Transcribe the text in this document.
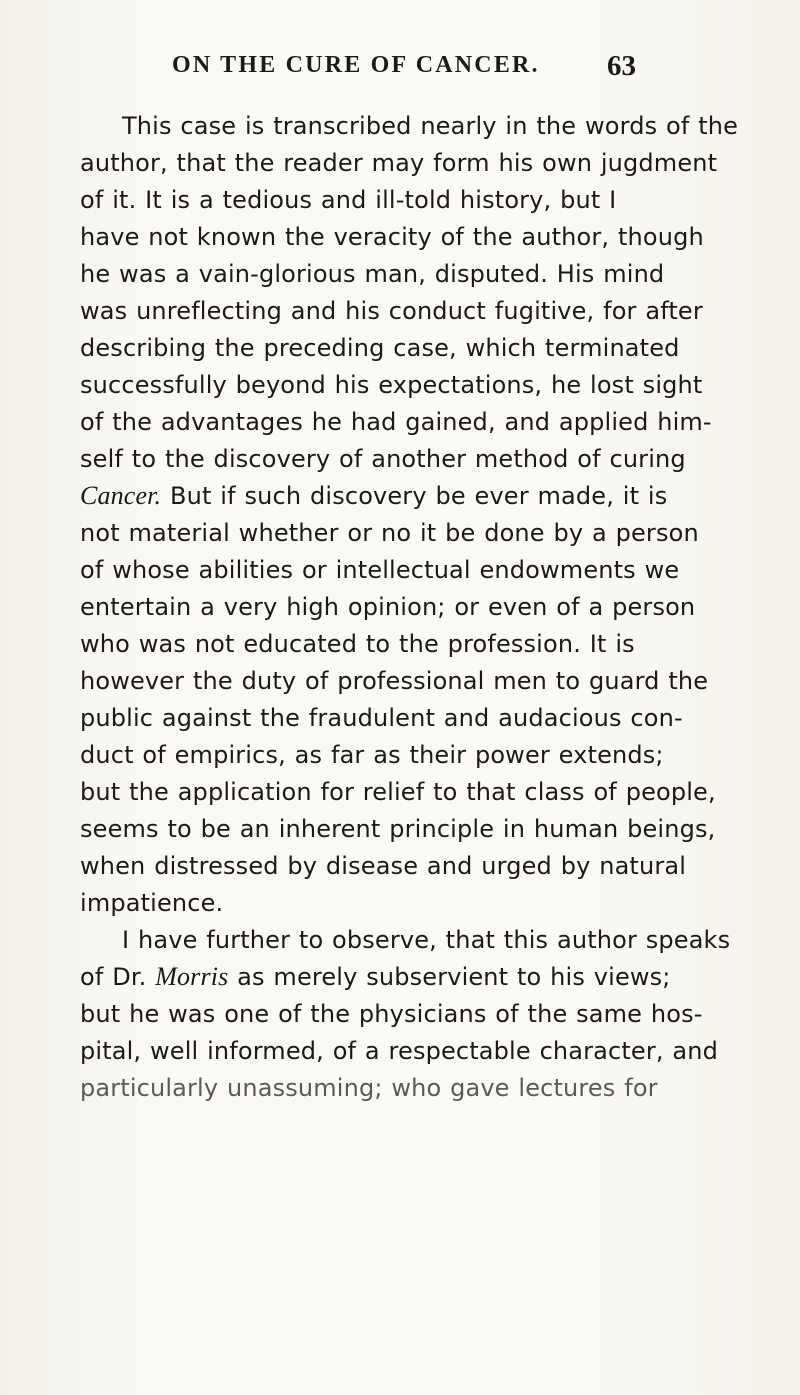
ON THE CURE OF CANCER. 63
This case is transcribed nearly in the words of the
author, that the reader may form his own jugdment
of it. It is a tedious and ill-told history, but I
have not known the veracity of the author, though
he was a vain-glorious man, disputed. His mind
was unreflecting and his conduct fugitive, for after
describing the preceding case, which terminated
successfully beyond his expectations, he lost sight
of the advantages he had gained, and applied him-
self to the discovery of another method of curing
Cancer. But if such discovery be ever made, it is
not material whether or no it be done by a person
of whose abilities or intellectual endowments we
entertain a very high opinion; or even of a person
who was not educated to the profession. It is
however the duty of professional men to guard the
public against the fraudulent and audacious con-
duct of empirics, as far as their power extends;
but the application for relief to that class of people,
seems to be an inherent principle in human beings,
when distressed by disease and urged by natural
impatience.
I have further to observe, that this author speaks
of Dr. Morris as merely subservient to his views;
but he was one of the physicians of the same hos-
pital, well informed, of a respectable character, and
particularly unassuming; who gave lectures for
